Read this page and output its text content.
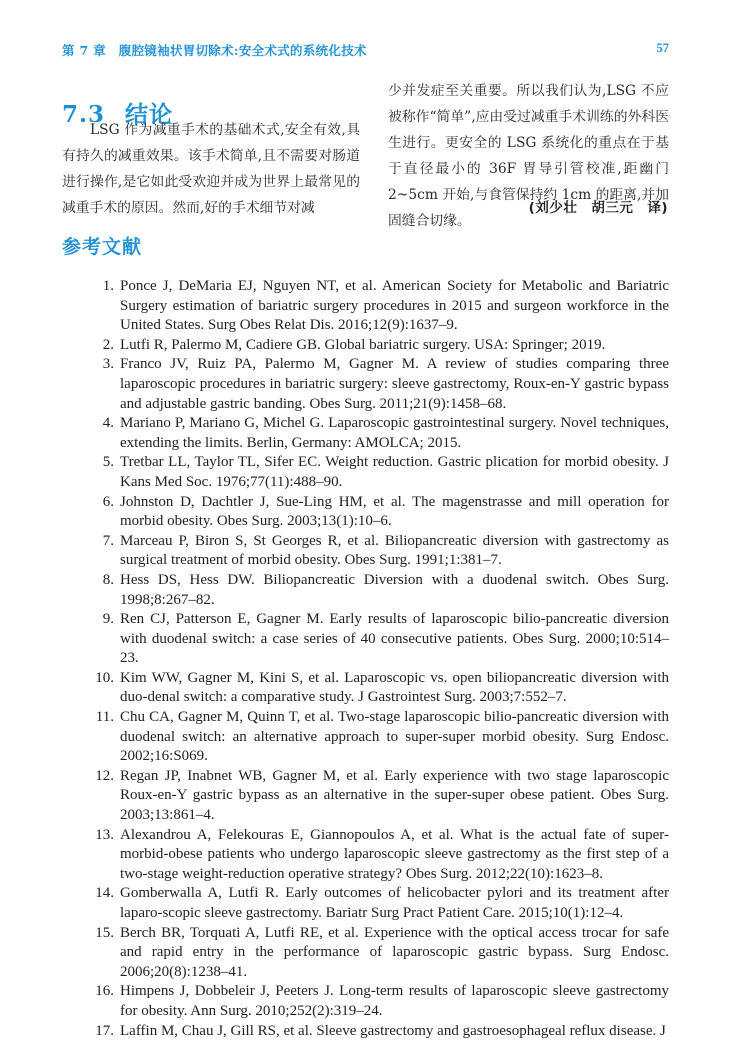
第 7 章　腹腔镜袖状胃切除术:安全术式的系统化技术	57
7.3 结论

LSG 作为减重手术的基础术式,安全有效,具有持久的减重效果。该手术简单,且不需要对肠道进行操作,是它如此受欢迎并成为世界上最常见的减重手术的原因。然而,好的手术细节对减

少并发症至关重要。所以我们认为,LSG 不应被称作“简单”,应由受过减重手术训练的外科医生进行。更安全的 LSG 系统化的重点在于基于直径最小的 36F 胃导引管校准,距幽门 2~5cm 开始,与食管保持约 1cm 的距离,并加固缝合切缘。

(刘少壮　胡三元　译)
参考文献
1. Ponce J, DeMaria EJ, Nguyen NT, et al. American Society for Metabolic and Bariatric Surgery estimation of bariatric surgery procedures in 2015 and surgeon workforce in the United States. Surg Obes Relat Dis. 2016;12(9):1637–9.
2. Lutfi R, Palermo M, Cadiere GB. Global bariatric surgery. USA: Springer; 2019.
3. Franco JV, Ruiz PA, Palermo M, Gagner M. A review of studies comparing three laparoscopic procedures in bariatric surgery: sleeve gastrectomy, Roux-en-Y gastric bypass and adjustable gastric banding. Obes Surg. 2011;21(9):1458–68.
4. Mariano P, Mariano G, Michel G. Laparoscopic gastrointestinal surgery. Novel techniques, extending the limits. Berlin, Germany: AMOLCA; 2015.
5. Tretbar LL, Taylor TL, Sifer EC. Weight reduction. Gastric plication for morbid obesity. J Kans Med Soc. 1976;77(11):488–90.
6. Johnston D, Dachtler J, Sue-Ling HM, et al. The magenstrasse and mill operation for morbid obesity. Obes Surg. 2003;13(1):10–6.
7. Marceau P, Biron S, St Georges R, et al. Biliopancreatic diversion with gastrectomy as surgical treatment of morbid obesity. Obes Surg. 1991;1:381–7.
8. Hess DS, Hess DW. Biliopancreatic Diversion with a duodenal switch. Obes Surg. 1998;8:267–82.
9. Ren CJ, Patterson E, Gagner M. Early results of laparoscopic bilio-pancreatic diversion with duodenal switch: a case series of 40 consecutive patients. Obes Surg. 2000;10:514–23.
10. Kim WW, Gagner M, Kini S, et al. Laparoscopic vs. open biliopancreatic diversion with duo-denal switch: a comparative study. J Gastrointest Surg. 2003;7:552–7.
11. Chu CA, Gagner M, Quinn T, et al. Two-stage laparoscopic bilio-pancreatic diversion with duodenal switch: an alternative approach to super-super morbid obesity. Surg Endosc. 2002;16:S069.
12. Regan JP, Inabnet WB, Gagner M, et al. Early experience with two stage laparoscopic Roux-en-Y gastric bypass as an alternative in the super-super obese patient. Obes Surg. 2003;13:861–4.
13. Alexandrou A, Felekouras E, Giannopoulos A, et al. What is the actual fate of super-morbid-obese patients who undergo laparoscopic sleeve gastrectomy as the first step of a two-stage weight-reduction operative strategy? Obes Surg. 2012;22(10):1623–8.
14. Gomberwalla A, Lutfi R. Early outcomes of helicobacter pylori and its treatment after laparo-scopic sleeve gastrectomy. Bariatr Surg Pract Patient Care. 2015;10(1):12–4.
15. Berch BR, Torquati A, Lutfi RE, et al. Experience with the optical access trocar for safe and rapid entry in the performance of laparoscopic gastric bypass. Surg Endosc. 2006;20(8):1238–41.
16. Himpens J, Dobbeleir J, Peeters J. Long-term results of laparoscopic sleeve gastrectomy for obesity. Ann Surg. 2010;252(2):319–24.
17. Laffin M, Chau J, Gill RS, et al. Sleeve gastrectomy and gastroesophageal reflux disease. J
